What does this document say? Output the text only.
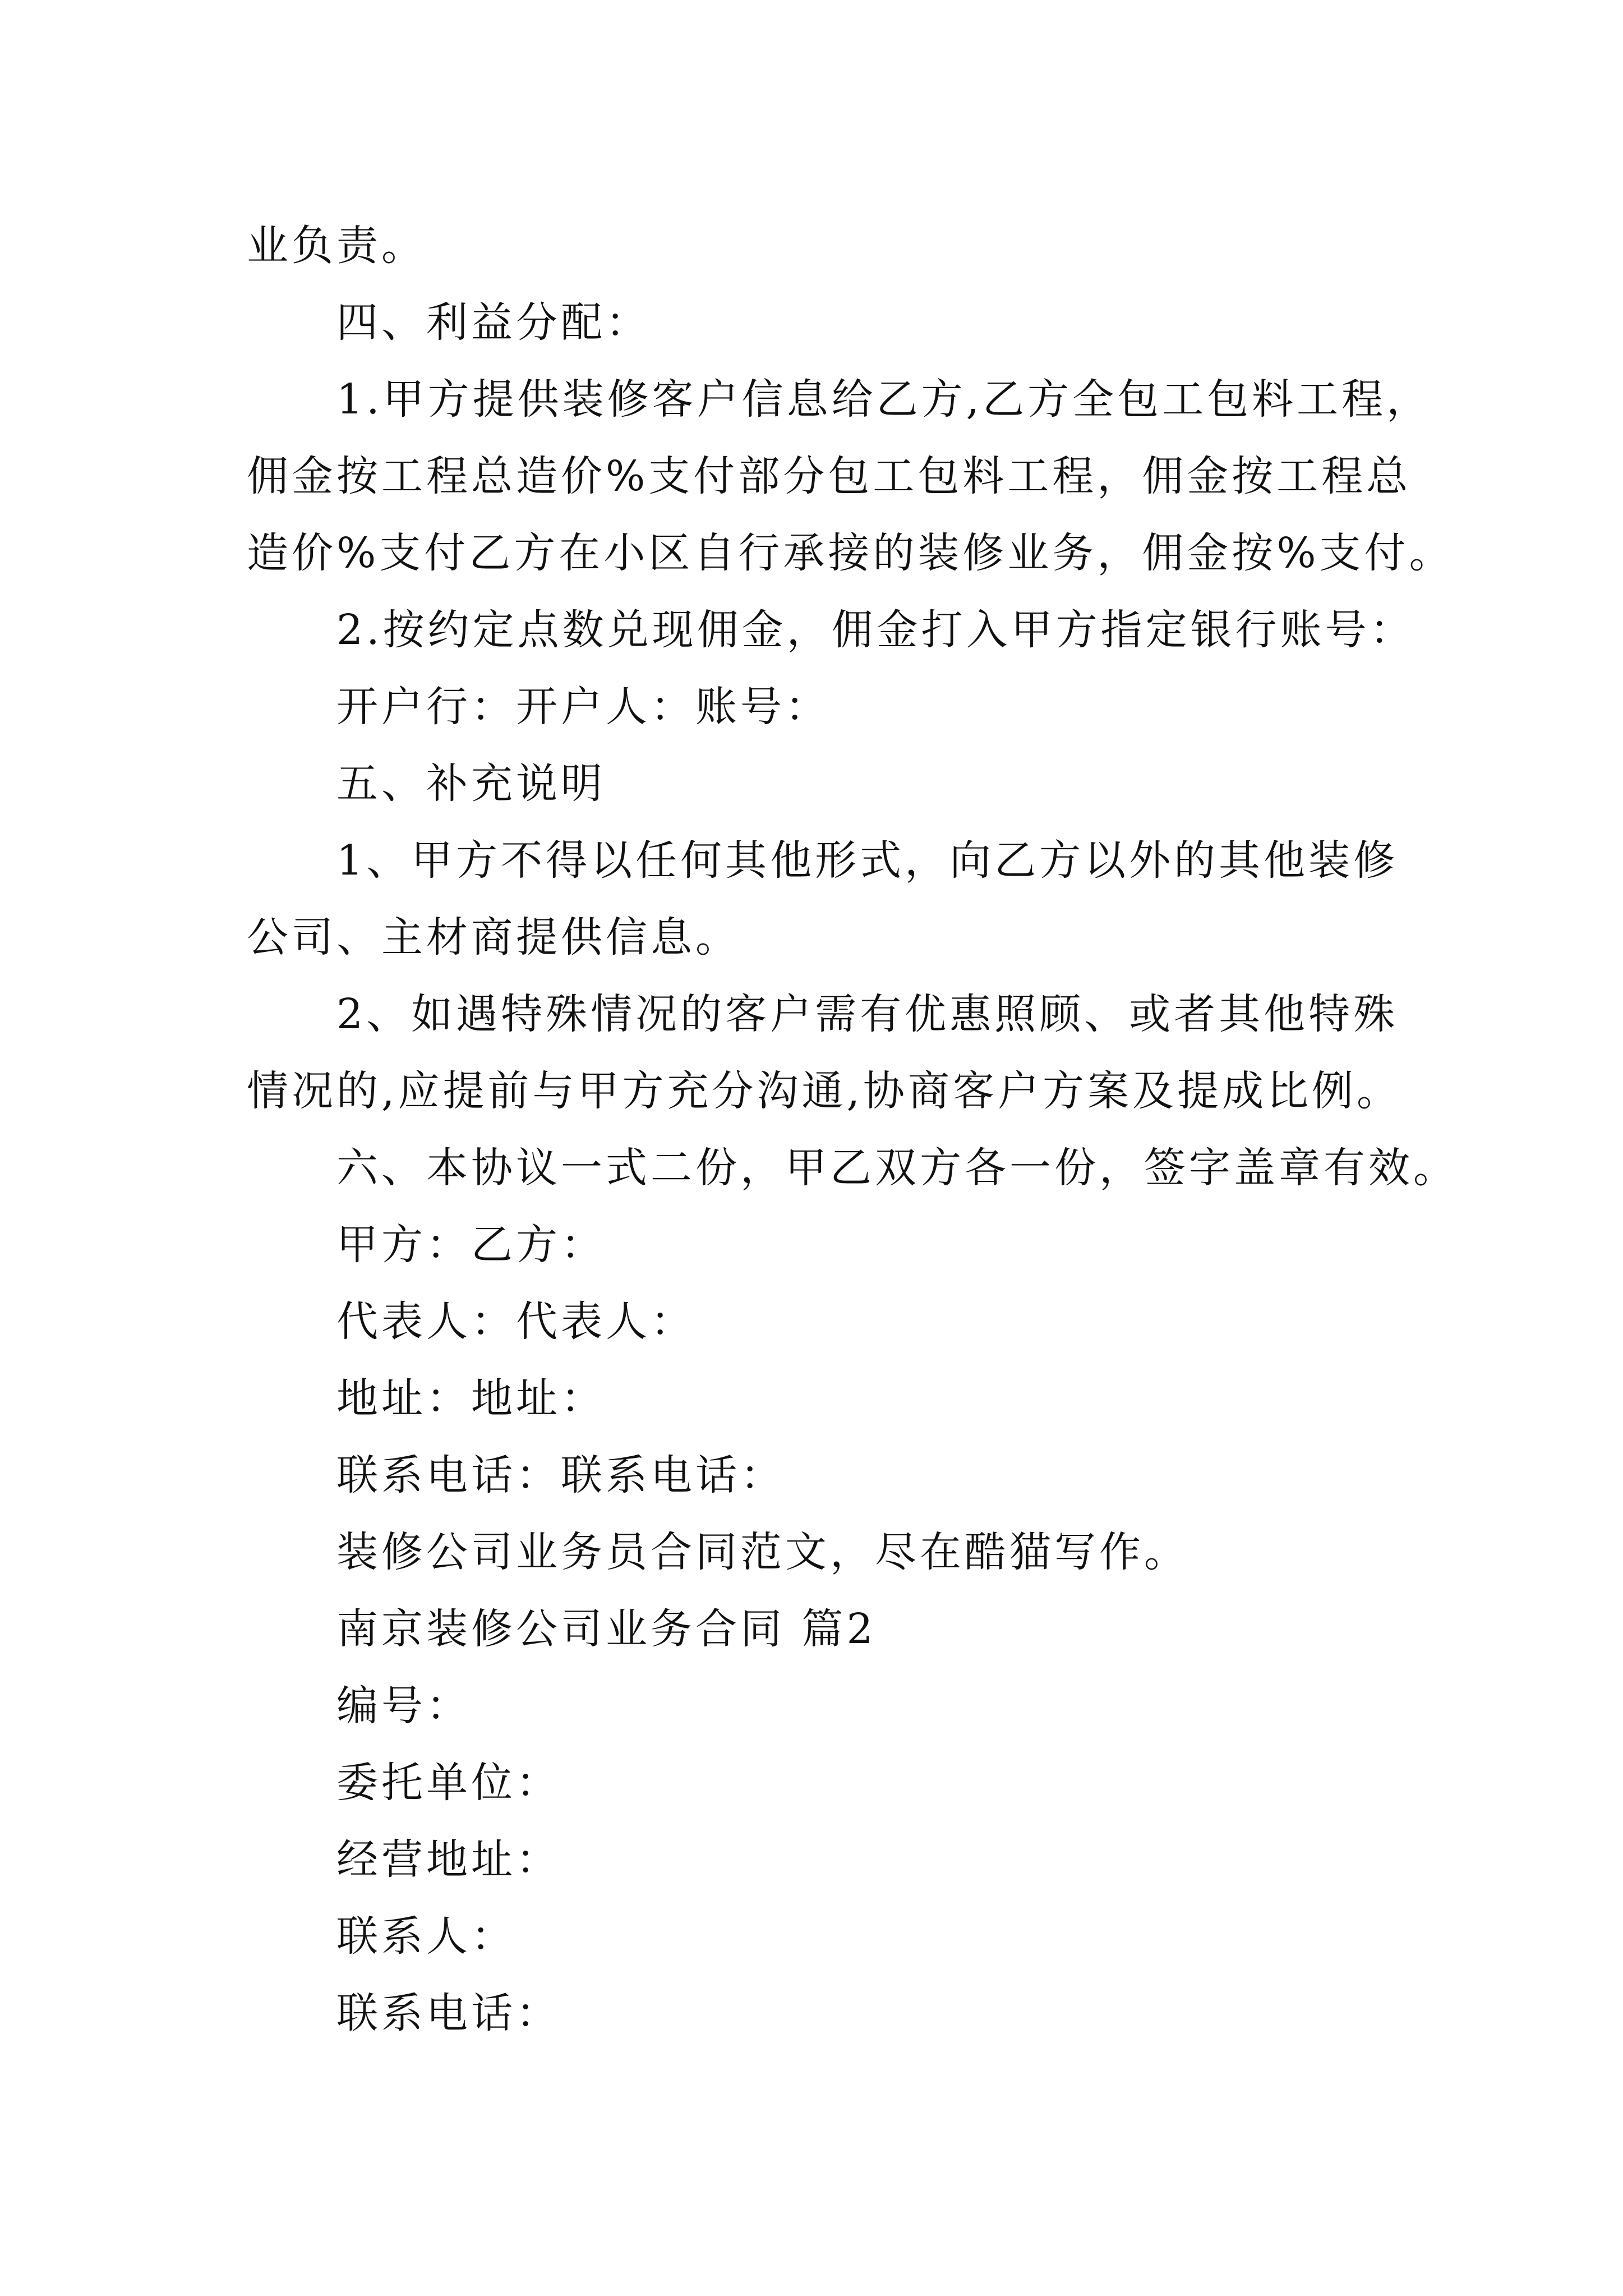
业负责。
四、利益分配：
1.甲方提供装修客户信息给乙方,乙方全包工包料工程，
佣金按工程总造价%支付部分包工包料工程，佣金按工程总
造价%支付乙方在小区自行承接的装修业务，佣金按%支付。
2.按约定点数兑现佣金，佣金打入甲方指定银行账号：
开户行：开户人：账号：
五、补充说明
1、甲方不得以任何其他形式，向乙方以外的其他装修
公司、主材商提供信息。
2、如遇特殊情况的客户需有优惠照顾、或者其他特殊
情况的,应提前与甲方充分沟通,协商客户方案及提成比例。
六、本协议一式二份，甲乙双方各一份，签字盖章有效。
甲方：乙方：
代表人：代表人：
地址：地址：
联系电话：联系电话：
装修公司业务员合同范文，尽在酷猫写作。
南京装修公司业务合同 篇2
编号：
委托单位：
经营地址：
联系人：
联系电话：
